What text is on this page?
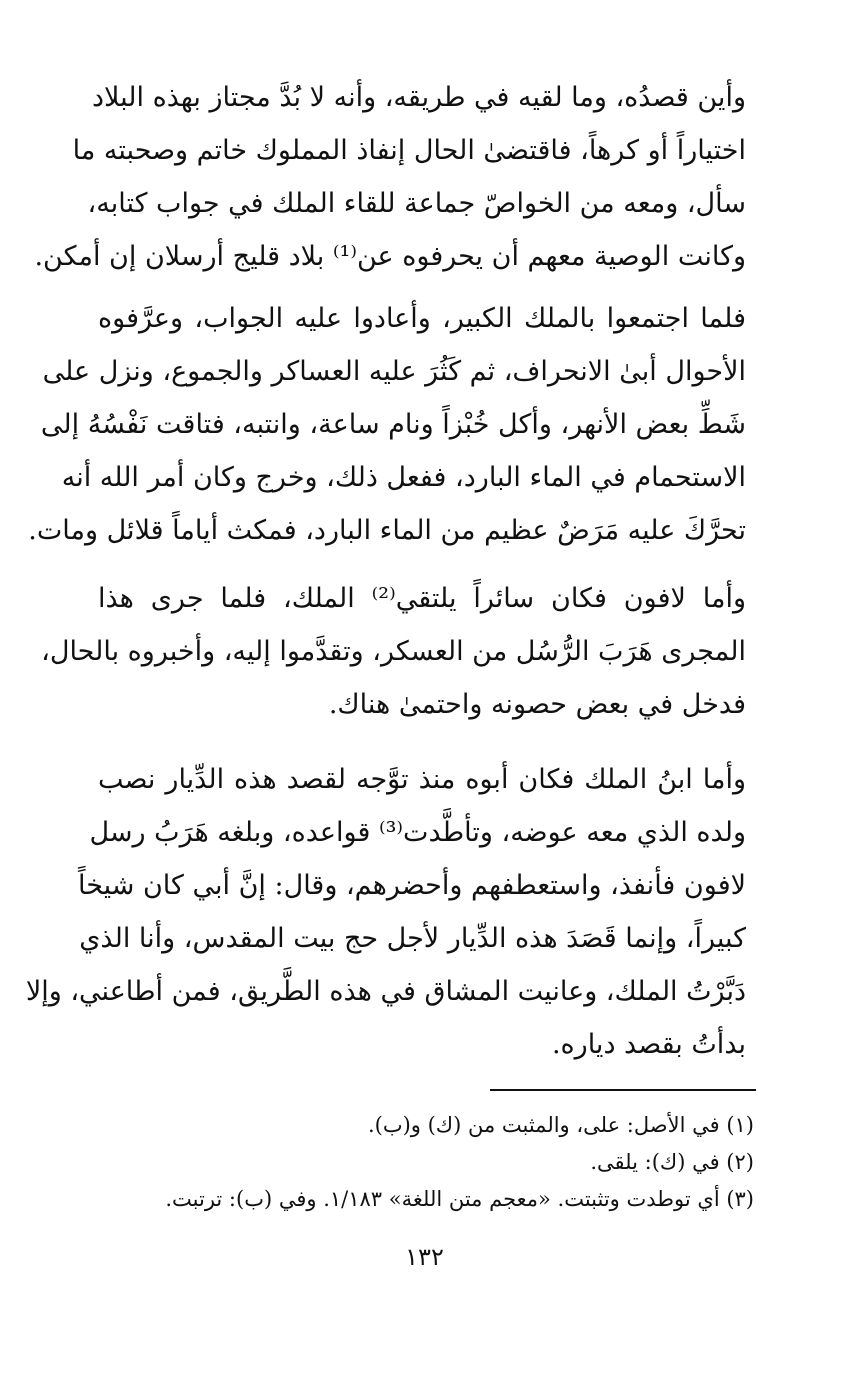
وأين قصدُه، وما لقيه في طريقه، وأنه لا بُدَّ مجتاز بهذه البلاد
اختياراً أو كرهاً، فاقتضىٰ الحال إنفاذ المملوك خاتم وصحبته ما
سأل، ومعه من الخواصّ جماعة للقاء الملك في جواب كتابه،
وكانت الوصية معهم أن يحرفوه عن⁽¹⁾ بلاد قليج أرسلان إن أمكن.
فلما اجتمعوا بالملك الكبير، وأعادوا عليه الجواب، وعرَّفوه
الأحوال أبىٰ الانحراف، ثم كَثُرَ عليه العساكر والجموع، ونزل على
شَطِّ بعض الأنهر، وأكل خُبْزاً ونام ساعة، وانتبه، فتاقت نَفْسُهُ إلى
الاستحمام في الماء البارد، ففعل ذلك، وخرج وكان أمر الله أنه
تحرَّكَ عليه مَرَضٌ عظيم من الماء البارد، فمكث أياماً قلائل ومات.
وأما لافون فكان سائراً يلتقي⁽²⁾ الملك، فلما جرى هذا
المجرى هَرَبَ الرُّسُل من العسكر، وتقدَّموا إليه، وأخبروه بالحال،
فدخل في بعض حصونه واحتمىٰ هناك.
وأما ابنُ الملك فكان أبوه منذ توَّجه لقصد هذه الدِّيار نصب
ولده الذي معه عوضه، وتأطَّدت⁽³⁾ قواعده، وبلغه هَرَبُ رسل
لافون فأنفذ، واستعطفهم وأحضرهم، وقال: إنَّ أبي كان شيخاً
كبيراً، وإنما قَصَدَ هذه الدِّيار لأجل حج بيت المقدس، وأنا الذي
دَبَّرْتُ الملك، وعانيت المشاق في هذه الطَّريق، فمن أطاعني، وإلا
بدأتُ بقصد دياره.
(١) في الأصل: على، والمثبت من (ك) و(ب).
(٢) في (ك): يلقى.
(٣) أي توطدت وتثبتت. «معجم متن اللغة» ١/١٨٣. وفي (ب): ترتبت.
١٣٢
